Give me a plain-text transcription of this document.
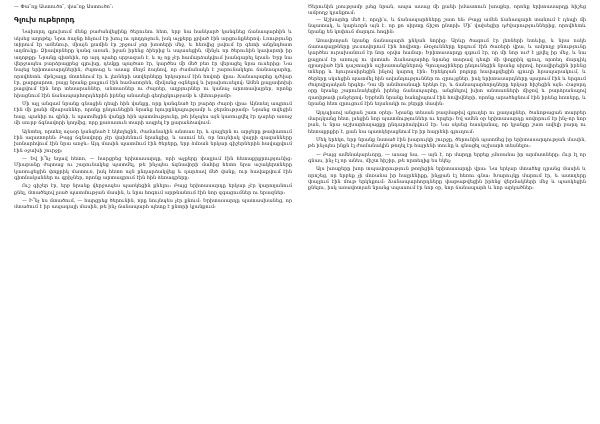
— Փա՜ռք Աստուծո՜, փա՜ռք Աստուծո՜։

Գլուխ ութերորդ

Նախորդ գլուխում մենք բաժանվեցինք ծերունու հետ, երբ նա հանկարծ կանգնեց ճանապարհին և սկսեց աղոթել։ Նրա ձայնը հնչում էր խուլ ու դողդոջուն, իսկ աչքերը լցված էին արցունքներով։ Լռությունը տիրում էր ամենուր, միայն քամին էր շրջում չոր խոտերի մեջ, և հեռվից լսվում էր գետի անընդհատ աղմուկը։ Ձիավորները կանգ առան, իջան իրենց ձիերից և սպասեցին, մինչև որ ծերունին կավարտի իր աղոթքը։ Նրանք գիտեին, որ այդ պահը սրբազան է, և ոչ ոք չէր համարձակվում խանգարել նրան։ Երբ նա վերջապես բարձրացրեց գլուխը, դեմքը պայծառ էր, կարծես մի մեծ բեռ էր վերացել նրա ուսերից։ Նա նայեց երիտասարդներին, ժպտաց և ասաց մեղմ ձայնով, որ ժամանակն է շարունակելու ճանապարհը, որովհետև մթնշաղը մոտենում էր և լեռների ստվերները երկարում էին հովտի վրա։ Ճանապարհը դժվար էր, քարքարոտ, բայց նրանք քայլում էին համառորեն, միմյանց օգնելով և խրախուսելով։ Ամեն քայլափոխի բացվում էին նոր տեսարաններ, անտառներ ու ժայռեր, աղբյուրներ ու կանաչ արոտավայրեր, որոնք հիացնում էին ճանապարհորդներին իրենց անասելի գեղեցկությամբ և վեհությամբ։

Մի այլ անգամ նրանք գնացին դեպի հին վանքը, որը կանգնած էր բարձր ժայռի վրա։ Այնտեղ ապրում էին մի քանի միաբաններ, որոնք ընդունեցին նրանց հյուրընկալությամբ և ջերմությամբ։ Նրանց տվեցին հաց, պանիր ու գինի, և պատմեցին վանքի հին պատմությունը, թե ինչպես այն կառուցվել էր դարեր առաջ մի սուրբ ճգնավորի կողմից, որը քառասուն տարի ապրել էր քարանձավում։

Այնտեղ, որտեղ այսօր կանգնած է եկեղեցին, ժամանակին անտառ էր, և գայլերն ու արջերը թափառում էին ազատորեն։ Բայց ճգնավորը չէր վախենում նրանցից, և ասում են, որ նույնիսկ վայրի գազանները խոնարհվում էին նրա առջև։ Այդ մասին պատմում էին ծերերը, երբ ձմռան երկար գիշերներին հավաքվում էին օջախի շուրջը։

— Եվ ի՞նչ եղավ հետո, — հարցրեց երիտասարդը, որի աչքերը փայլում էին հետաքրքրությունից։ Միաբանը ժպտաց ու շարունակեց պատմել, թե ինչպես ճգնավորի մահից հետո նրա աշակերտները կառուցեցին փոքրիկ մատուռ, իսկ հետո այն ընդարձակվեց և դարձավ մեծ վանք, ուր հավաքվում էին գիտնականներ ու գրիչներ, որոնք արտագրում էին հին ձեռագրերը։

Ուշ գիշեր էր, երբ նրանք վերջապես պառկեցին քնելու։ Բայց երիտասարդը երկար չէր կարողանում քնել, մտածելով լսած պատմության մասին, և նրա հոգում արթնանում էին նոր զգացումներ ու երազներ։

— Ի՞նչ ես մտածում, — հարցրեց ծերունին, որը նույնպես չէր քնում։ Երիտասարդը պատասխանեց, որ մտածում է իր ապագայի մասին, թե ինչ ճանապարհ պետք է ընտրի կյանքում։

Ծերունին լռությամբ լսեց նրան, ապա ասաց մի քանի իմաստուն խոսքեր, որոնք երիտասարդը հիշեց ամբողջ կյանքում։

— Աշխարհը մեծ է, որդի՛ս, և ճանապարհները շատ են։ Բայց ամեն ճանապարհ տանում է դեպի մի նպատակ, և կարևորն այն է, որ քո սիրտը ճիշտ ընտրի։ Մի՛ վախեցիր դժվարություններից, որովհետև նրանք են կոփում մարդու հոգին։

Առավոտյան նրանք ճանապարհ ընկան նորից։ Արևը ծագում էր լեռների ետևից, և նրա ոսկե ճառագայթները լուսավորում էին հովիտը։ Թռչունները երգում էին ծառերի վրա, և ամբողջ բնությունը կարծես ուրախանում էր նոր օրվա համար։ Երիտասարդը զգում էր, որ մի նոր ուժ է լցվել իր մեջ, և նա քայլում էր առույգ ու վստահ։ Ճանապարհը նրանց տարավ դեպի մի փոքրիկ գյուղ, որտեղ մարդիկ զբաղված էին դաշտային աշխատանքներով։ Գյուղացիները ընդունեցին նրանց սիրով, հրավիրեցին իրենց տները և հյուրասիրեցին ինչով կարող էին։ Երեկոյան բոլորը հավաքվեցին գյուղի հրապարակում, և ծերերը սկսեցին պատմել հին ավանդություններ ու զրույցներ, իսկ երիտասարդները պարում էին և երգում ժողովրդական երգեր։ Դա մի անմոռանալի երեկո էր, և ճանապարհորդները երկար հիշեցին այն։ Հաջորդ օրը նրանք շարունակեցին իրենց ճանապարհը, անցնելով խիտ անտառների միջով և բարձրանալով զառիթափ լանջերով։ Երբեմն նրանք հանդիպում էին հովիվների, որոնք արածեցնում էին իրենց հոտերը, և նրանց հետ զրուցում էին եղանակի ու բերքի մասին։

Այդպիսով անցան շատ օրեր։ Նրանք տեսան բազմաթիվ գյուղեր ու քաղաքներ, ծանոթացան տարբեր մարդկանց հետ, լսեցին նոր պատմություններ ու երգեր։ Եվ ամեն օր երիտասարդը սովորում էր ինչ-որ նոր բան, և նրա աշխարհայացքը ընդարձակվում էր։ Նա սկսեց հասկանալ, որ կյանքը շատ ավելի բարդ ու հետաքրքիր է, քան նա պատկերացնում էր իր հայրենի գյուղում։

Մեկ երեկո, երբ նրանք նստած էին խարույկի շուրջը, ծերունին պատմեց իր երիտասարդության մասին, թե ինչպես ինքն էլ ժամանակին թողել էր հայրենի տունը և գնացել աշխարհ տեսնելու։

— Բայց ամենակարևորը, — ասաց նա, — այն է, որ մարդը երբեք չմոռանա իր արմատները։ Ուր էլ որ գնաս, ինչ էլ որ անես, միշտ հիշիր, թե որտեղից ես եկել։

Այս խոսքերը խոր տպավորություն թողեցին երիտասարդի վրա։ Նա երկար մտածեց դրանց մասին և որոշեց, որ երբեք չի մոռանա իր հայրենիքը, ինչքան էլ հեռու գնա։ Խարույկը մարում էր, և աստղերը փայլում էին մութ երկնքում։ Ճանապարհորդները փաթաթվեցին իրենց վերմակների մեջ և պառկեցին քնելու, իսկ առավոտյան նրանց սպասում էր նոր օր, նոր ճանապարհ և նոր արկածներ։
